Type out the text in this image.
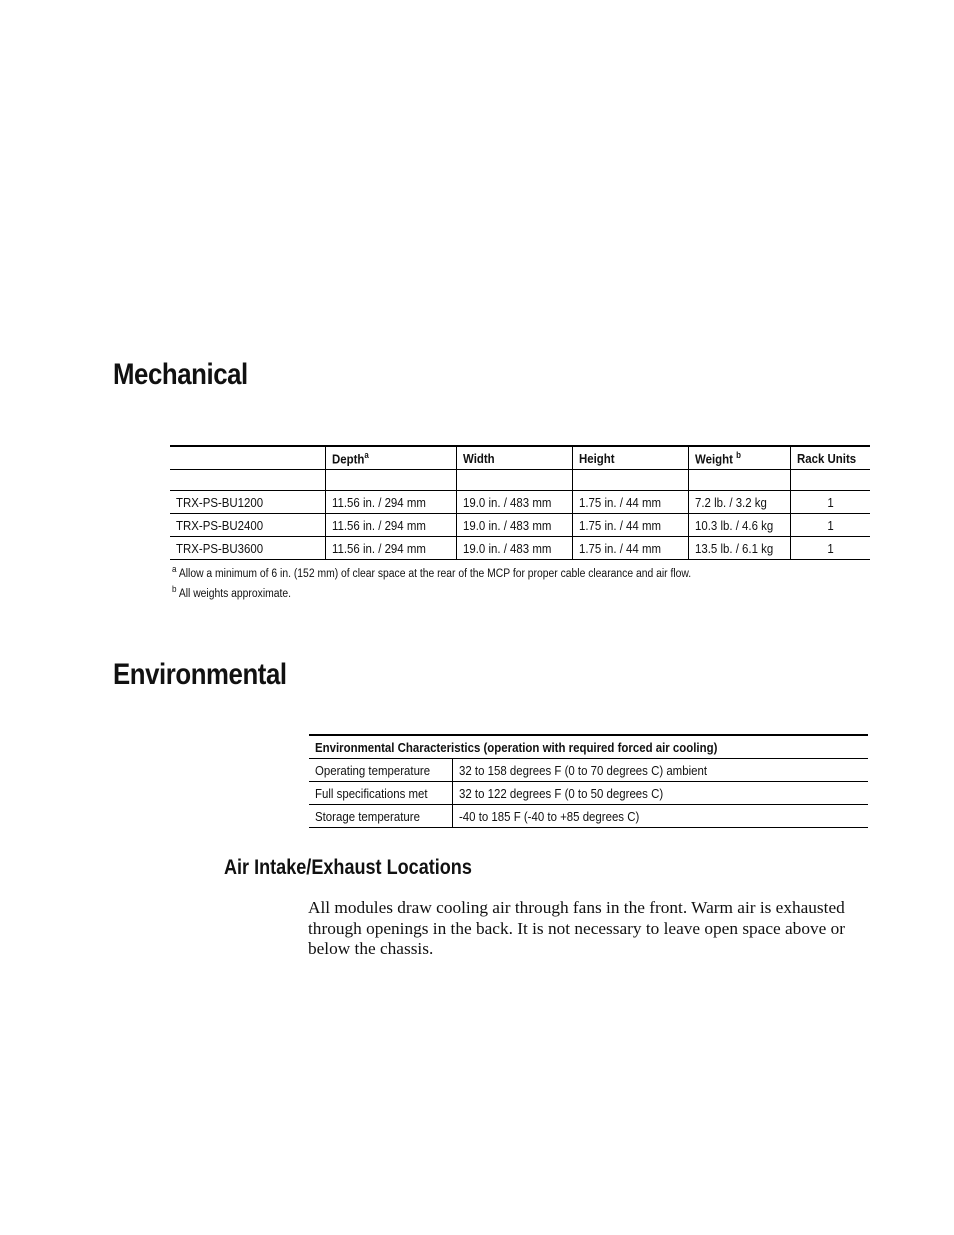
Mechanical
	Depth$^a$	Width	Height	Weight $^b$	Rack Units

TRX-PS-BU1200	11.56 in. / 294 mm	19.0 in. / 483 mm	1.75 in. / 44 mm	7.2 lb. / 3.2 kg	1
TRX-PS-BU2400	11.56 in. / 294 mm	19.0 in. / 483 mm	1.75 in. / 44 mm	10.3 lb. / 4.6 kg	1
TRX-PS-BU3600	11.56 in. / 294 mm	19.0 in. / 483 mm	1.75 in. / 44 mm	13.5 lb. / 6.1 kg	1
$^a$ Allow a minimum of 6 in. (152 mm) of clear space at the rear of the MCP for proper cable clearance and air flow.
$^b$ All weights approximate.
Environmental
Environmental Characteristics (operation with required forced air cooling)	
Operating temperature	32 to 158 degrees F (0 to 70 degrees C) ambient
Full specifications met	32 to 122 degrees F (0 to 50 degrees C)
Storage temperature	-40 to 185 F (-40 to +85 degrees C)
Air Intake/Exhaust Locations

All modules draw cooling air through fans in the front. Warm air is exhausted through openings in the back. It is not necessary to leave open space above or below the chassis.
